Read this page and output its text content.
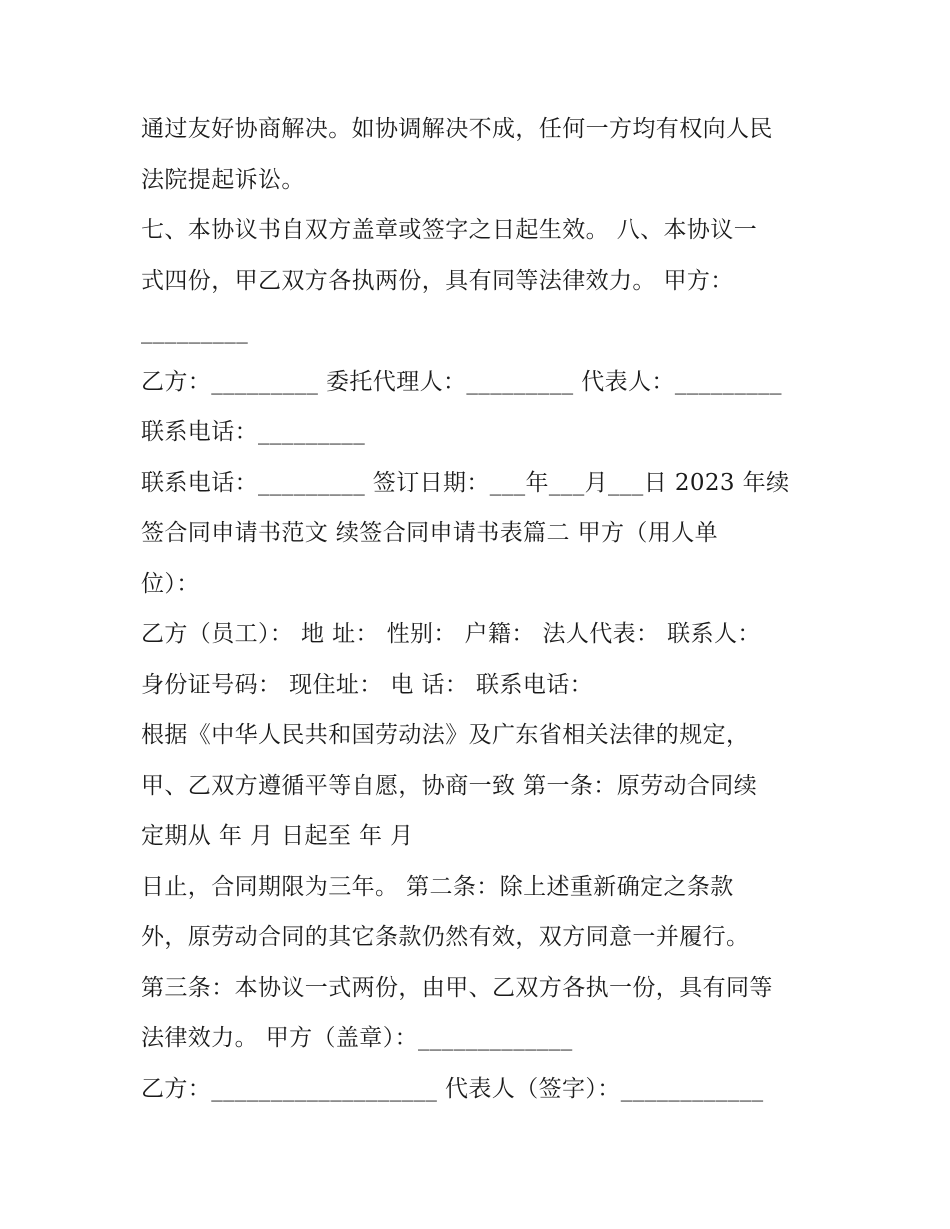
通过友好协商解决。如协调解决不成，任何一方均有权向人民
法院提起诉讼。
七、本协议书自双方盖章或签字之日起生效。 八、本协议一
式四份，甲乙双方各执两份，具有同等法律效力。 甲方：
_________
乙方：_________ 委托代理人：_________ 代表人：_________
联系电话：_________
联系电话：_________ 签订日期：___年___月___日 2023 年续
签合同申请书范文 续签合同申请书表篇二 甲方（用人单
位）：
乙方（员工）： 地 址： 性别： 户籍： 法人代表： 联系人：
身份证号码： 现住址： 电 话： 联系电话：
根据《中华人民共和国劳动法》及广东省相关法律的规定，
甲、乙双方遵循平等自愿，协商一致 第一条：原劳动合同续
定期从 年 月 日起至 年 月
日止，合同期限为三年。 第二条：除上述重新确定之条款
外，原劳动合同的其它条款仍然有效，双方同意一并履行。
第三条：本协议一式两份，由甲、乙双方各执一份，具有同等
法律效力。 甲方（盖章）：_____________
乙方：___________________ 代表人（签字）：____________
